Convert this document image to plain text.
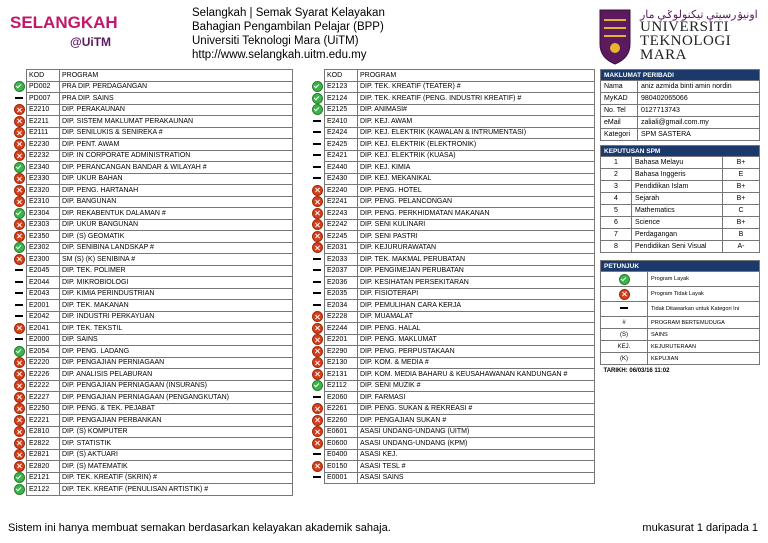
SELANGKAH
@UiTM
Selangkah | Semak Syarat Kelayakan
Bahagian Pengambilan Pelajar (BPP)
Universiti Teknologi Mara (UiTM)
http://www.selangkah.uitm.edu.my
اونيۏرسيتي تيكنولوݢي مار
UNIVERSITI
TEKNOLOGI
MARA
	KOD	PROGRAM
	PD002	PRA DIP. PERDAGANGAN
	PD007	PRA DIP. SAINS
	E2210	DIP. PERAKAUNAN
	E2211	DIP. SISTEM MAKLUMAT PERAKAUNAN
	E2111	DIP. SENILUKIS & SENIREKA #
	E2230	DIP. PENT. AWAM
	E2232	DIP. IN CORPORATE ADMINISTRATION
	E2340	DIP. PERANCANGAN BANDAR & WILAYAH #
	E2330	DIP. UKUR BAHAN
	E2320	DIP. PENG. HARTANAH
	E2310	DIP. BANGUNAN
	E2304	DIP. REKABENTUK DALAMAN #
	E2303	DIP. UKUR BANGUNAN
	E2350	DIP. (S) GEOMATIK
	E2302	DIP. SENIBINA LANDSKAP #
	E2300	SM (S) (K) SENIBINA #
	E2045	DIP. TEK. POLIMER
	E2044	DIP. MIKROBIOLOGI
	E2043	DIP. KIMIA PERINDUSTRIAN
	E2001	DIP. TEK. MAKANAN
	E2042	DIP. INDUSTRI PERKAYUAN
	E2041	DIP. TEK. TEKSTIL
	E2000	DIP. SAINS
	E2054	DIP. PENG. LADANG
	E2220	DIP. PENGAJIAN PERNIAGAAN
	E2226	DIP. ANALISIS PELABURAN
	E2222	DIP. PENGAJIAN PERNIAGAAN (INSURANS)
	E2227	DIP. PENGAJIAN PERNIAGAAN (PENGANGKUTAN)
	E2250	DIP. PENG. & TEK. PEJABAT
	E2221	DIP. PENGAJIAN PERBANKAN
	E2810	DIP. (S) KOMPUTER
	E2822	DIP. STATISTIK
	E2821	DIP. (S) AKTUARI
	E2820	DIP. (S) MATEMATIK
	E2121	DIP. TEK. KREATIF (SKRIN) #
	E2122	DIP. TEK. KREATIF (PENULISAN ARTISTIK) #
	KOD	PROGRAM
	E2123	DIP. TEK. KREATIF (TEATER) #
	E2124	DIP. TEK. KREATIF (PENG. INDUSTRI KREATIF) #
	E2125	DIP. ANIMASI#
	E2410	DIP. KEJ. AWAM
	E2424	DIP. KEJ. ELEKTRIK (KAWALAN & INTRUMENTASI)
	E2425	DIP. KEJ. ELEKTRIK (ELEKTRONIK)
	E2421	DIP. KEJ. ELEKTRIK (KUASA)
	E2440	DIP. KEJ. KIMIA
	E2430	DIP. KEJ. MEKANIKAL
	E2240	DIP. PENG. HOTEL
	E2241	DIP. PENG. PELANCONGAN
	E2243	DIP. PENG. PERKHIDMATAN MAKANAN
	E2242	DIP. SENI KULINARI
	E2245	DIP. SENI PASTRI
	E2031	DIP. KEJURURAWATAN
	E2033	DIP. TEK. MAKMAL PERUBATAN
	E2037	DIP. PENGIMEJAN PERUBATAN
	E2036	DIP. KESIHATAN PERSEKITARAN
	E2035	DIP. FISIOTERAPI
	E2034	DIP. PEMULIHAN CARA KERJA
	E2228	DIP. MUAMALAT
	E2244	DIP. PENG. HALAL
	E2201	DIP. PENG. MAKLUMAT
	E2290	DIP. PENG. PERPUSTAKAAN
	E2130	DIP. KOM. & MEDIA #
	E2131	DIP. KOM. MEDIA BAHARU & KEUSAHAWANAN KANDUNGAN #
	E2112	DIP. SENI MUZIK #
	E2060	DIP. FARMASI
	E2261	DIP. PENG. SUKAN & REKREASI #
	E2260	DIP. PENGAJIAN SUKAN #
	E0601	ASASI UNDANG-UNDANG (UITM)
	E0600	ASASI UNDANG-UNDANG (KPM)
	E0400	ASASI KEJ.
	E0150	ASASI TESL #
	E0001	ASASI SAINS
MAKLUMAT PERIBADI	
Nama	aniz azmida binti amin nordin
MyKAD	980402065066
No. Tel	0127713743
eMail	zaliali@gmail.com.my
Kategori	SPM SASTERA
KEPUTUSAN SPM		
1	Bahasa Melayu	B+
2	Bahasa Inggeris	E
3	Pendidikan Islam	B+
4	Sejarah	B+
5	Mathematics	C
6	Science	B+
7	Perdagangan	B
8	Pendidikan Seni Visual	A-
PETUNJUK	
	Program Layak
	Program Tidak Layak
	Tidak Ditawarkan untuk Kategori Ini
#	PROGRAM BERTEMUDUGA
(S)	SAINS
KEJ.	KEJURUTERAAN
(K)	KEPUJIAN
TARIKH: 06/03/16 11:02	
Sistem ini hanya membuat semakan berdasarkan kelayakan akademik sahaja.	mukasurat 1 daripada 1
